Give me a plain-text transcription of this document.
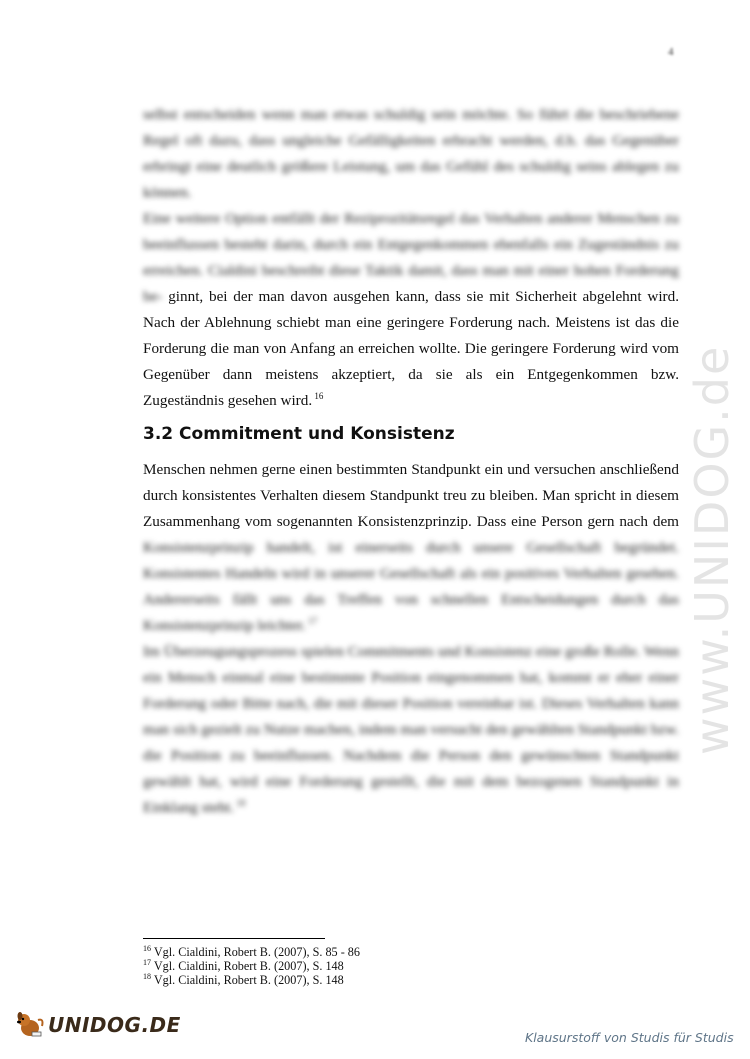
4

selbst entscheiden wenn man etwas schuldig sein möchte. So führt die beschriebene Regel oft dazu, dass ungleiche Gefälligkeiten erbracht werden, d.h. das Gegenüber erbringt eine deutlich größere Leistung, um das Gefühl des schuldig seins ablegen zu können.

Eine weitere Option entfällt der Reziprozitätsregel das Verhalten anderer Menschen zu beeinflussen besteht darin, durch ein Entgegenkommen ebenfalls ein Zugeständnis zu erreichen. Cialdini beschreibt diese Taktik damit, dass man mit einer hohen Forderung be- ginnt, bei der man davon ausgehen kann, dass sie mit Sicherheit abgelehnt wird. Nach der Ablehnung schiebt man eine geringere Forderung nach. Meistens ist das die Forderung die man von Anfang an erreichen wollte. Die geringere Forderung wird vom Gegenüber dann meistens akzeptiert, da sie als ein Entgegenkommen bzw. Zugeständnis gesehen wird. $^{16}$

3.2 Commitment und Konsistenz

Menschen nehmen gerne einen bestimmten Standpunkt ein und versuchen anschließend durch konsistentes Verhalten diesem Standpunkt treu zu bleiben. Man spricht in diesem Zusammenhang vom sogenannten Konsistenzprinzip. Dass eine Person gern nach dem Konsistenzprinzip handelt, ist einerseits durch unsere Gesellschaft begründet. Konsistentes Handeln wird in unserer Gesellschaft als ein positives Verhalten gesehen. Andererseits fällt uns das Treffen von schnellen Entscheidungen durch das Konsistenzprinzip leichter. $^{17}$

Im Überzeugungsprozess spielen Commitments und Konsistenz eine große Rolle. Wenn ein Mensch einmal eine bestimmte Position eingenommen hat, kommt er eher einer Forderung oder Bitte nach, die mit dieser Position vereinbar ist. Dieses Verhalten kann man sich gezielt zu Nutze machen, indem man versucht den gewählten Standpunkt bzw. die Position zu beeinflussen. Nachdem die Person den gewünschten Standpunkt gewählt hat, wird eine Forderung gestellt, die mit dem bezogenen Standpunkt in Einklang steht. $^{18}$

$^{16}$ Vgl. Cialdini, Robert B. (2007), S. 85 - 86
$^{17}$ Vgl. Cialdini, Robert B. (2007), S. 148
$^{18}$ Vgl. Cialdini, Robert B. (2007), S. 148
www.UNIDOG.de
UNIDOG.DE
Klausurstoff von Studis für Studis
